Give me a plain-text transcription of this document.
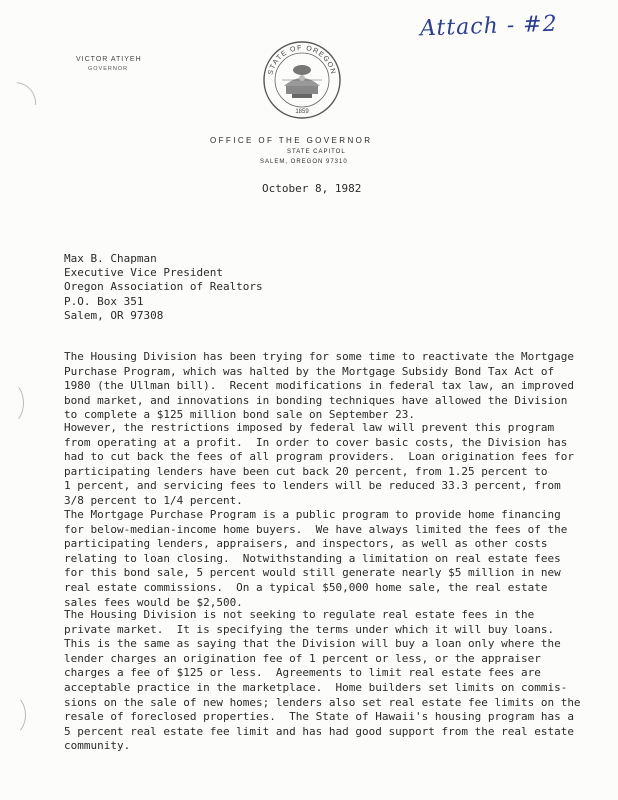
Attach - #2
VICTOR ATIYEH
GOVERNOR	STATE OF OREGON
1859
OFFICE OF THE GOVERNOR
STATE CAPITOL
SALEM, OREGON 97310
October 8, 1982
Max B. Chapman
Executive Vice President
Oregon Association of Realtors
P.O. Box 351
Salem, OR 97308
The Housing Division has been trying for some time to reactivate the Mortgage
Purchase Program, which was halted by the Mortgage Subsidy Bond Tax Act of
1980 (the Ullman bill).  Recent modifications in federal tax law, an improved
bond market, and innovations in bonding techniques have allowed the Division
to complete a $125 million bond sale on September 23.
However, the restrictions imposed by federal law will prevent this program
from operating at a profit.  In order to cover basic costs, the Division has
had to cut back the fees of all program providers.  Loan origination fees for
participating lenders have been cut back 20 percent, from 1.25 percent to
1 percent, and servicing fees to lenders will be reduced 33.3 percent, from
3/8 percent to 1/4 percent.
The Mortgage Purchase Program is a public program to provide home financing
for below-median-income home buyers.  We have always limited the fees of the
participating lenders, appraisers, and inspectors, as well as other costs
relating to loan closing.  Notwithstanding a limitation on real estate fees
for this bond sale, 5 percent would still generate nearly $5 million in new
real estate commissions.  On a typical $50,000 home sale, the real estate
sales fees would be $2,500.
The Housing Division is not seeking to regulate real estate fees in the
private market.  It is specifying the terms under which it will buy loans.
This is the same as saying that the Division will buy a loan only where the
lender charges an origination fee of 1 percent or less, or the appraiser
charges a fee of $125 or less.  Agreements to limit real estate fees are
acceptable practice in the marketplace.  Home builders set limits on commis-
sions on the sale of new homes; lenders also set real estate fee limits on the
resale of foreclosed properties.  The State of Hawaii's housing program has a
5 percent real estate fee limit and has had good support from the real estate
community.
